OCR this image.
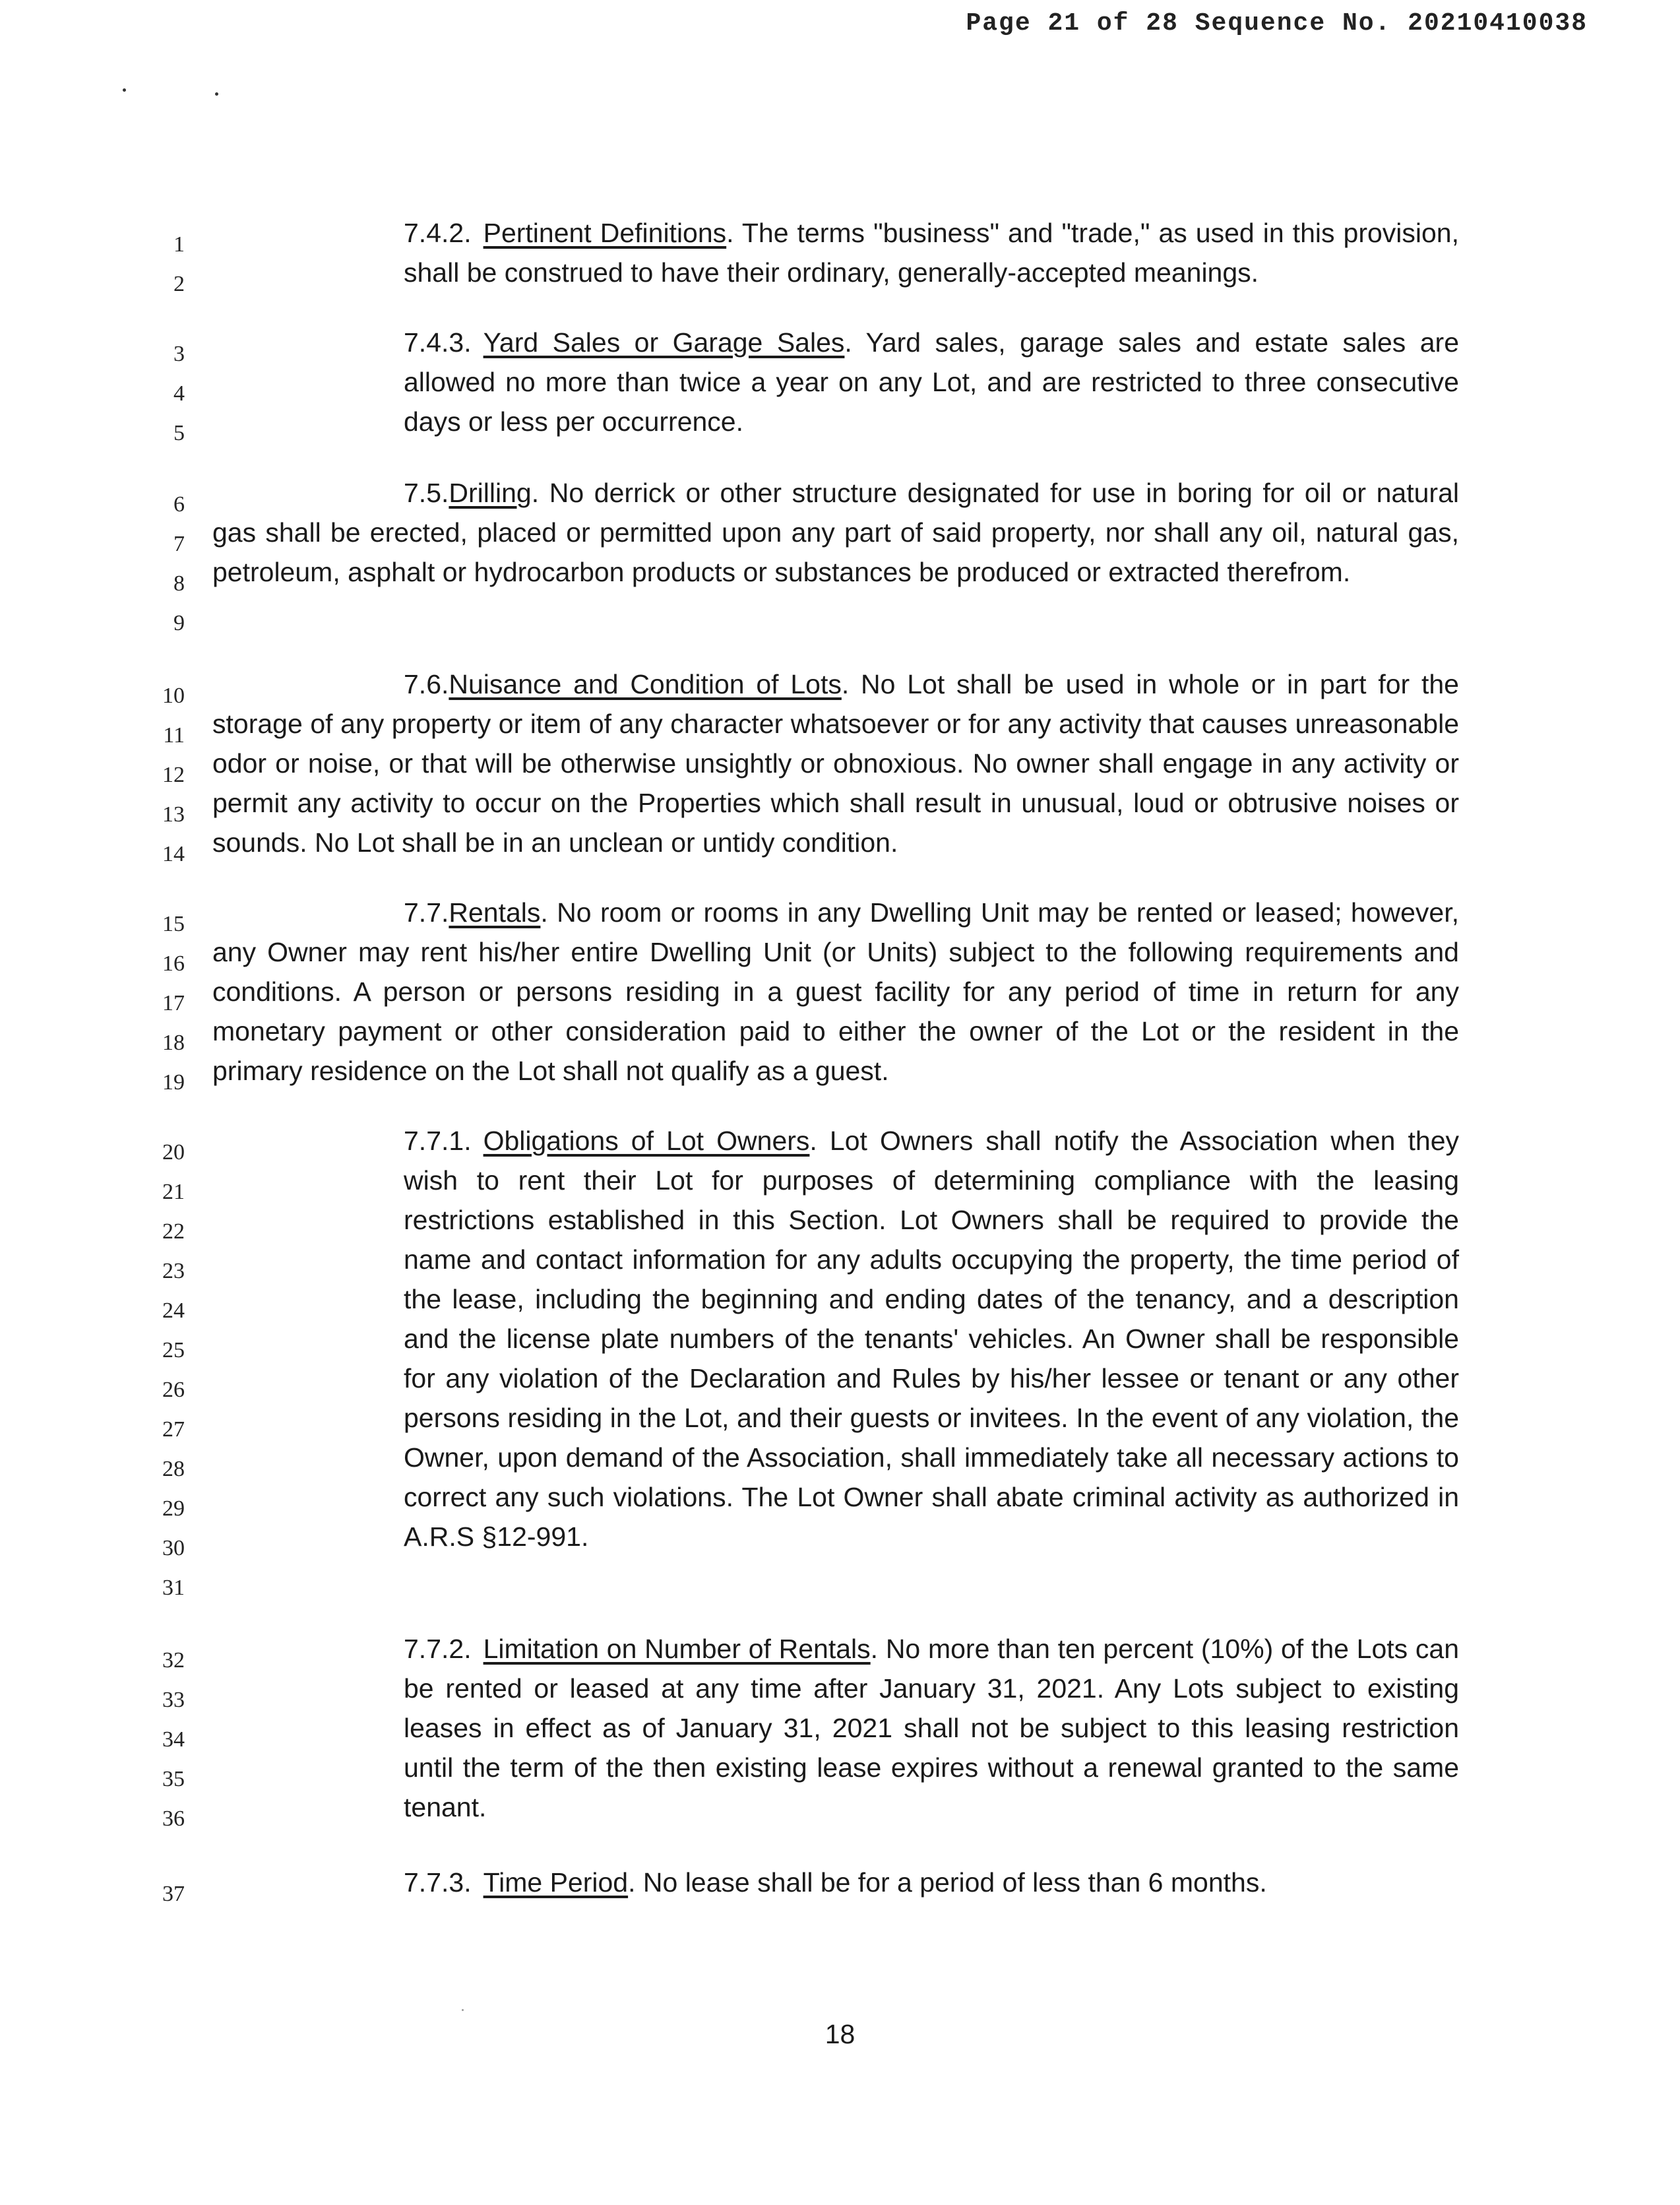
Page 21 of 28 Sequence No. 20210410038
1
2
3
4
5
6
7
8
9
10
11
12
13
14
15
16
17
18
19
20
21
22
23
24
25
26
27
28
29
30
31
32
33
34
35
36
37

7.4.2. Pertinent Definitions. The terms "business" and "trade," as used in this provision, shall be construed to have their ordinary, generally-accepted meanings.

7.4.3. Yard Sales or Garage Sales. Yard sales, garage sales and estate sales are allowed no more than twice a year on any Lot, and are restricted to three consecutive days or less per occurrence.

7.5.Drilling. No derrick or other structure designated for use in boring for oil or natural gas shall be erected, placed or permitted upon any part of said property, nor shall any oil, natural gas, petroleum, asphalt or hydrocarbon products or substances be produced or extracted therefrom.

7.6.Nuisance and Condition of Lots. No Lot shall be used in whole or in part for the storage of any property or item of any character whatsoever or for any activity that causes unreasonable odor or noise, or that will be otherwise unsightly or obnoxious. No owner shall engage in any activity or permit any activity to occur on the Properties which shall result in unusual, loud or obtrusive noises or sounds. No Lot shall be in an unclean or untidy condition.

7.7.Rentals. No room or rooms in any Dwelling Unit may be rented or leased; however, any Owner may rent his/her entire Dwelling Unit (or Units) subject to the following requirements and conditions. A person or persons residing in a guest facility for any period of time in return for any monetary payment or other consideration paid to either the owner of the Lot or the resident in the primary residence on the Lot shall not qualify as a guest.

7.7.1. Obligations of Lot Owners. Lot Owners shall notify the Association when they wish to rent their Lot for purposes of determining compliance with the leasing restrictions established in this Section. Lot Owners shall be required to provide the name and contact information for any adults occupying the property, the time period of the lease, including the beginning and ending dates of the tenancy, and a description and the license plate numbers of the tenants' vehicles. An Owner shall be responsible for any violation of the Declaration and Rules by his/her lessee or tenant or any other persons residing in the Lot, and their guests or invitees. In the event of any violation, the Owner, upon demand of the Association, shall immediately take all necessary actions to correct any such violations. The Lot Owner shall abate criminal activity as authorized in A.R.S §12-991.

7.7.2. Limitation on Number of Rentals. No more than ten percent (10%) of the Lots can be rented or leased at any time after January 31, 2021. Any Lots subject to existing leases in effect as of January 31, 2021 shall not be subject to this leasing restriction until the term of the then existing lease expires without a renewal granted to the same tenant.

7.7.3. Time Period. No lease shall be for a period of less than 6 months.

18
